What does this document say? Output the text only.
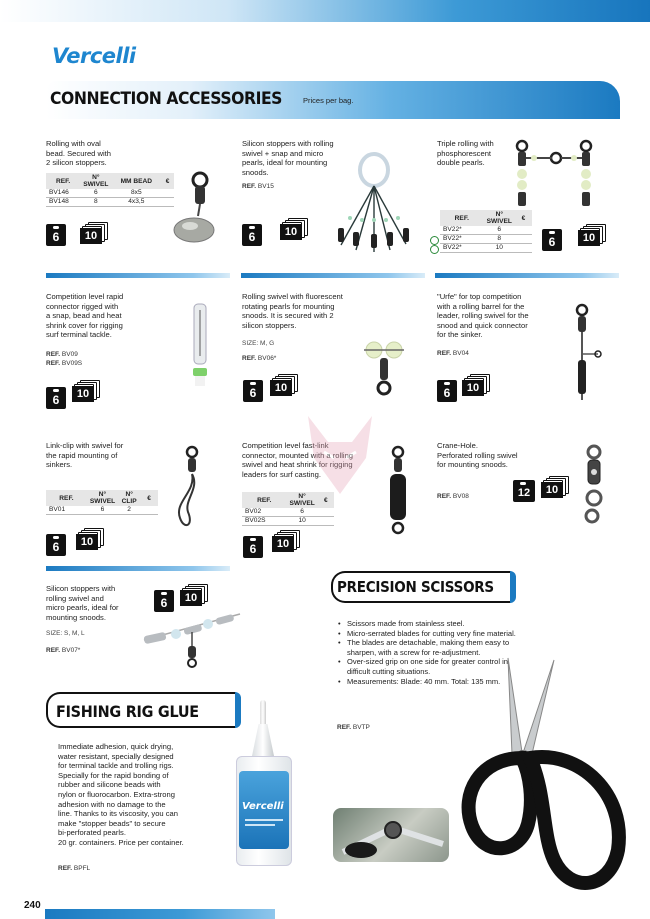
Vercelli
CONNECTION ACCESSORIES	Prices per bag.
Rolling with oval
bead. Secured with
2 silicon stoppers.
REF.	N° SWIVEL	MM BEAD	€
BV146	6	8x5	
BV148	8	4x3,5	
6	10
Silicon stoppers with rolling
swivel + snap and micro
pearls, ideal for mounting
snoods.
REF. BV15
6	10
Triple rolling with
phosphorescent
double pearls.
REF.	N° SWIVEL	€
BV22*	6	
BV22*	8	
BV22*	10		6	10
Competition level rapid
connector rigged with
a snap, bead and heat
shrink cover for rigging
surf terminal tackle.
REF. BV09
REF. BV09S
6	10
Rolling swivel with fluorescent
rotating pearls for mounting
snoods. It is secured with 2
silicon stoppers.
SIZE: M, G
REF. BV06*
6	10
"Urfe" for top competition
with a rolling barrel for the
leader, rolling swivel for the
snood and quick connector
for the sinker.
REF. BV04
6	10
Link-clip with swivel for
the rapid mounting of
sinkers.
REF.	N° SWIVEL	N° CLIP	€
BV01	6	2	
6	10
Competition level fast-link
connector, mounted with a rolling
swivel and heat shrink for rigging
leaders for surf casting.
REF.	N° SWIVEL	€
BV02	6	
BV02S	10	
6	10
Crane-Hole.
Perforated rolling swivel
for mounting snoods.
REF. BV08	12	10
Silicon stoppers with
rolling swivel and
micro pearls, ideal for
mounting snoods.
SIZE: S, M, L
REF. BV07*
6	10
PRECISION SCISSORS
• Scissors made from stainless steel.
• Micro-serrated blades for cutting very fine material.
• The blades are detachable, making them easy to sharpen, with a screw for re-adjustment.
• Over-sized grip on one side for greater control in difficult cutting situations.
• Measurements: Blade: 40 mm. Total: 135 mm.
REF. BVTP
FISHING RIG GLUE
Immediate adhesion, quick drying,
water resistant, specially designed
for terminal tackle and trolling rigs.
Specially for the rapid bonding of
rubber and silicone beads with
nylon or fluorocarbon. Extra-strong
adhesion with no damage to the
line. Thanks to its viscosity, you can
make "stopper beads" to secure
bi-perforated pearls.
20 gr. containers. Price per container.
REF. BPFL
Vercelli
240
